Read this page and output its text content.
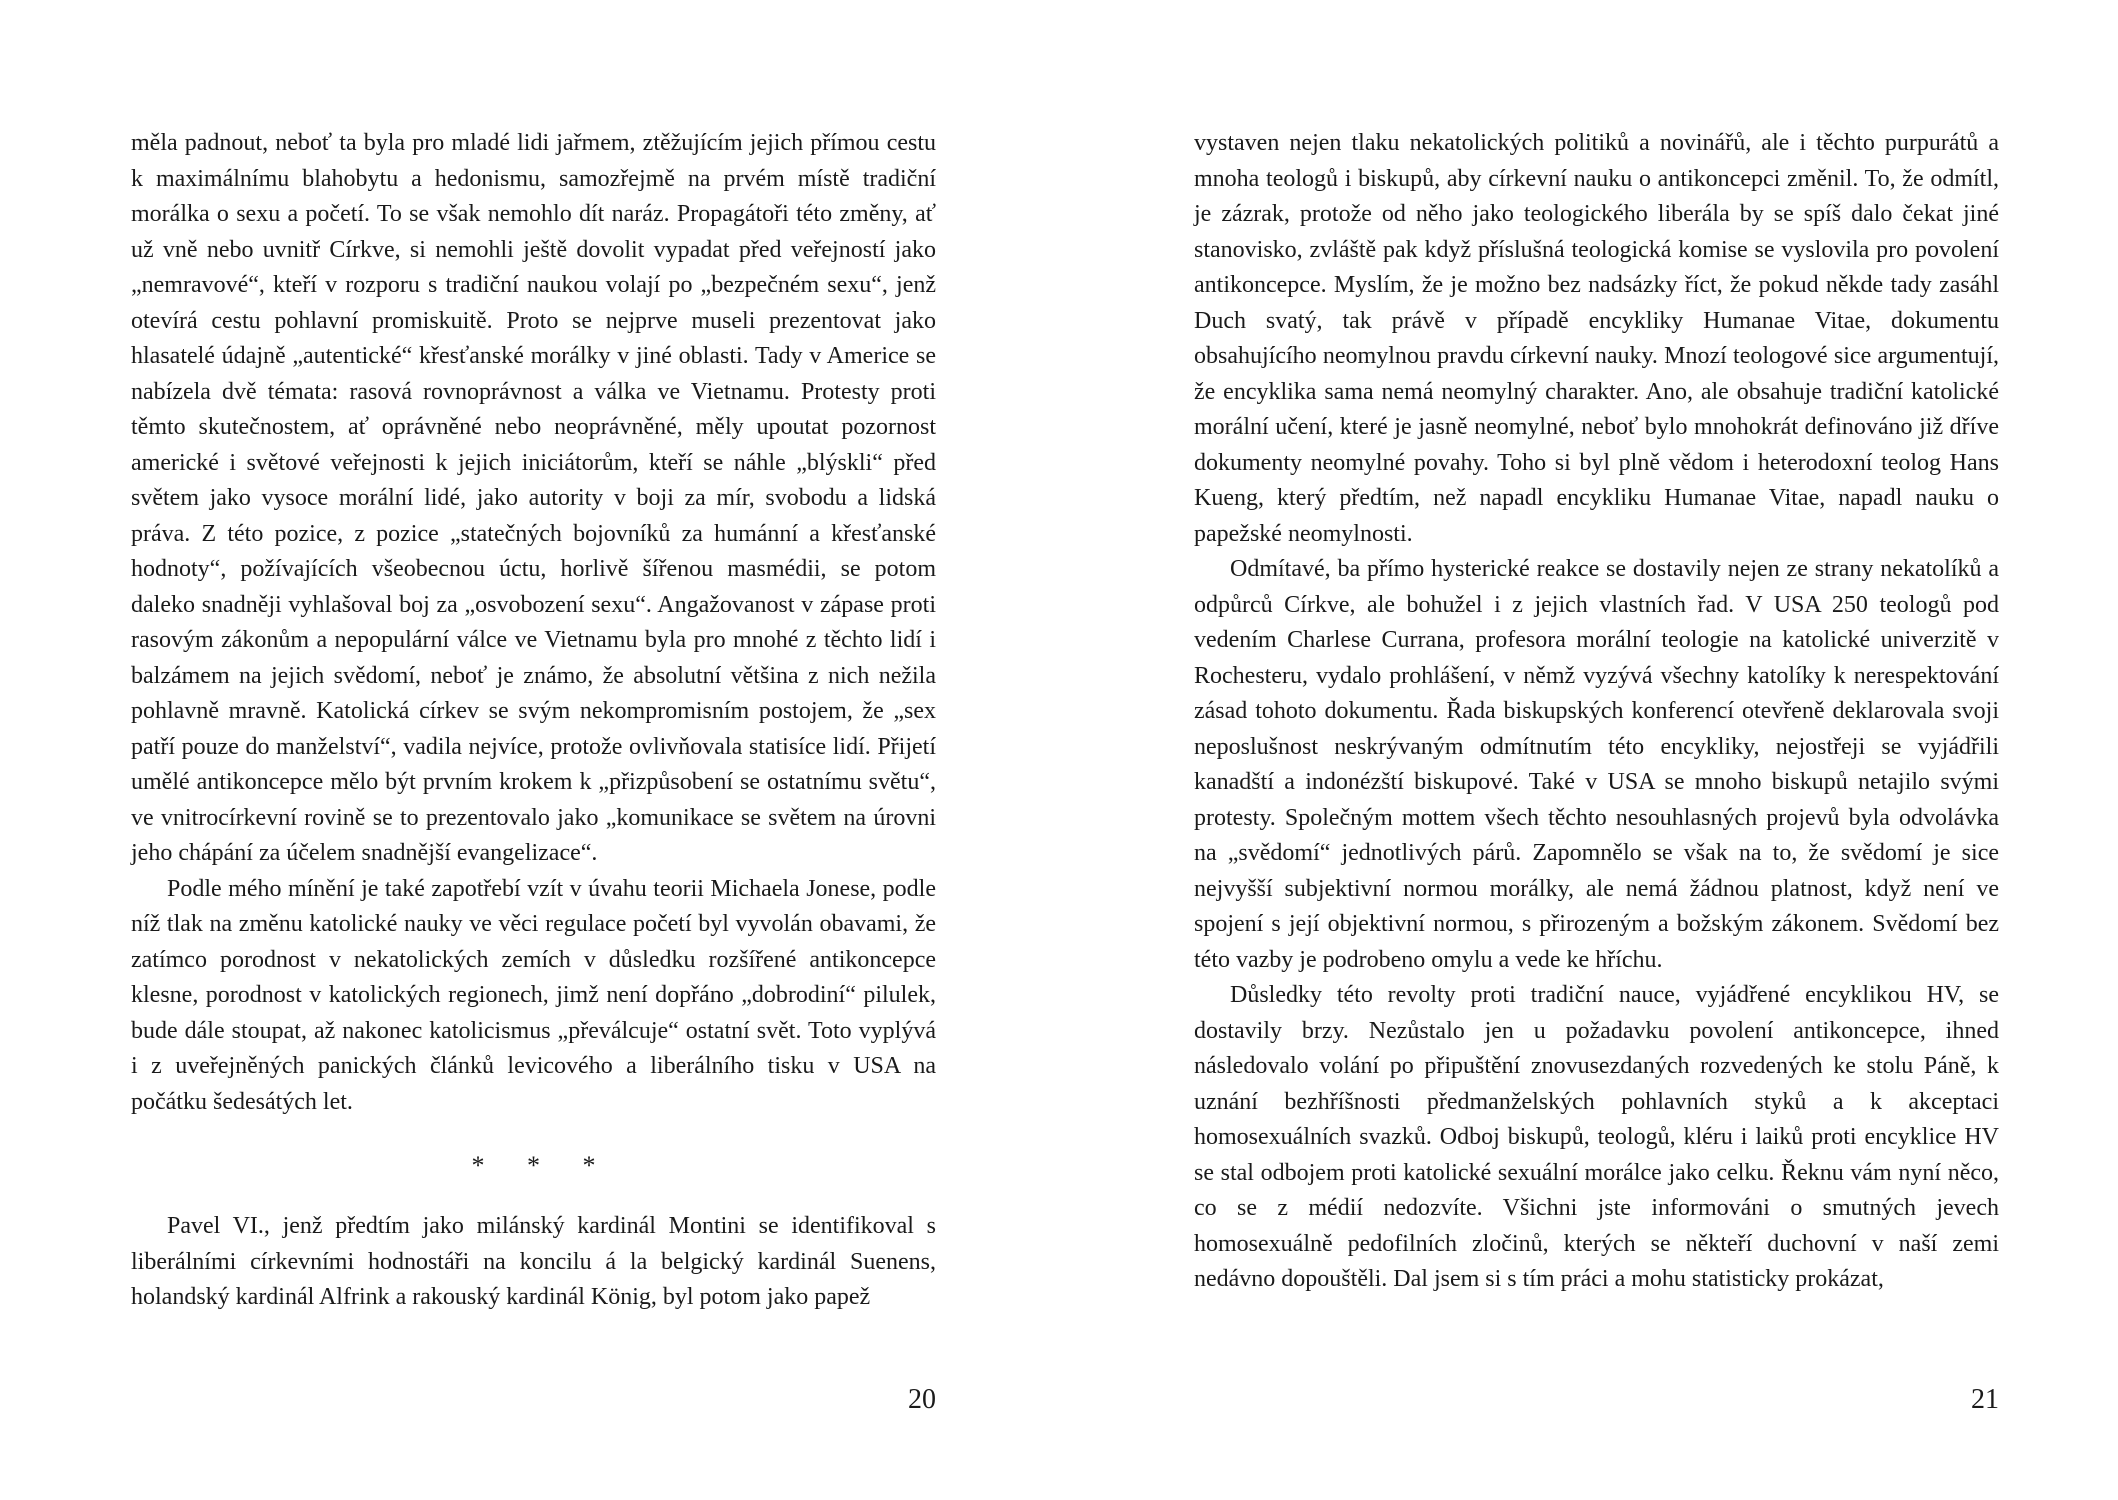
měla padnout, neboť ta byla pro mladé lidi jařmem, ztěžujícím jejich přímou cestu k maximálnímu blahobytu a hedonismu, samozřejmě na prvém místě tradiční morálka o sexu a početí. To se však nemohlo dít naráz. Propagátoři této změny, ať už vně nebo uvnitř Církve, si nemohli ještě dovolit vypadat před veřejností jako „nemravové“, kteří v rozporu s tradiční naukou volají po „bezpečném sexu“, jenž otevírá cestu pohlavní promiskuitě. Proto se nejprve museli prezentovat jako hlasatelé údajně „autentické“ křesťanské morálky v jiné oblasti. Tady v Americe se nabízela dvě témata: rasová rovnoprávnost a válka ve Vietnamu. Protesty proti těmto skutečnostem, ať oprávněné nebo neoprávněné, měly upoutat pozornost americké i světové veřejnosti k jejich iniciátorům, kteří se náhle „blýskli“ před světem jako vysoce morální lidé, jako autority v boji za mír, svobodu a lidská práva. Z této pozice, z pozice „statečných bojovníků za humánní a křesťanské hodnoty“, požívajících všeobecnou úctu, horlivě šířenou masmédii, se potom daleko snadněji vyhlašoval boj za „osvobození sexu“. Angažovanost v zápase proti rasovým zákonům a nepopulární válce ve Vietnamu byla pro mnohé z těchto lidí i balzámem na jejich svědomí, neboť je známo, že absolutní většina z nich nežila pohlavně mravně. Katolická církev se svým nekompromisním postojem, že „sex patří pouze do manželství“, vadila nejvíce, protože ovlivňovala statisíce lidí. Přijetí umělé antikoncepce mělo být prvním krokem k „přizpůsobení se ostatnímu světu“, ve vnitrocírkevní rovině se to prezentovalo jako „komunikace se světem na úrovni jeho chápání za účelem snadnější evangelizace“.

Podle mého mínění je také zapotřebí vzít v úvahu teorii Michaela Jonese, podle níž tlak na změnu katolické nauky ve věci regulace početí byl vyvolán obavami, že zatímco porodnost v nekatolických zemích v důsledku rozšířené antikoncepce klesne, porodnost v katolických regionech, jimž není dopřáno „dobrodiní“ pilulek, bude dále stoupat, až nakonec katolicismus „převálcuje“ ostatní svět. Toto vyplývá i z uveřejněných panických článků levicového a liberálního tisku v USA na počátku šedesátých let.

* * *

Pavel VI., jenž předtím jako milánský kardinál Montini se identifikoval s liberálními církevními hodnostáři na koncilu á la belgický kardinál Suenens, holandský kardinál Alfrink a rakouský kardinál König, byl potom jako papež

20

vystaven nejen tlaku nekatolických politiků a novinářů, ale i těchto purpurátů a mnoha teologů i biskupů, aby církevní nauku o antikoncepci změnil. To, že odmítl, je zázrak, protože od něho jako teologického liberála by se spíš dalo čekat jiné stanovisko, zvláště pak když příslušná teologická komise se vyslovila pro povolení antikoncepce. Myslím, že je možno bez nadsázky říct, že pokud někde tady zasáhl Duch svatý, tak právě v případě encykliky Humanae Vitae, dokumentu obsahujícího neomylnou pravdu církevní nauky. Mnozí teologové sice argumentují, že encyklika sama nemá neomylný charakter. Ano, ale obsahuje tradiční katolické morální učení, které je jasně neomylné, neboť bylo mnohokrát definováno již dříve dokumenty neomylné povahy. Toho si byl plně vědom i heterodoxní teolog Hans Kueng, který předtím, než napadl encykliku Humanae Vitae, napadl nauku o papežské neomylnosti.

Odmítavé, ba přímo hysterické reakce se dostavily nejen ze strany nekatolíků a odpůrců Církve, ale bohužel i z jejich vlastních řad. V USA 250 teologů pod vedením Charlese Currana, profesora morální teologie na katolické univerzitě v Rochesteru, vydalo prohlášení, v němž vyzývá všechny katolíky k nerespektování zásad tohoto dokumentu. Řada biskupských konferencí otevřeně deklarovala svoji neposlušnost neskrývaným odmítnutím této encykliky, nejostřeji se vyjádřili kanadští a indonézští biskupové. Také v USA se mnoho biskupů netajilo svými protesty. Společným mottem všech těchto nesouhlasných projevů byla odvolávka na „svědomí“ jednotlivých párů. Zapomnělo se však na to, že svědomí je sice nejvyšší subjektivní normou morálky, ale nemá žádnou platnost, když není ve spojení s její objektivní normou, s přirozeným a božským zákonem. Svědomí bez této vazby je podrobeno omylu a vede ke hříchu.

Důsledky této revolty proti tradiční nauce, vyjádřené encyklikou HV, se dostavily brzy. Nezůstalo jen u požadavku povolení antikoncepce, ihned následovalo volání po připuštění znovusezdaných rozvedených ke stolu Páně, k uznání bezhříšnosti předmanželských pohlavních styků a k akceptaci homosexuálních svazků. Odboj biskupů, teologů, kléru i laiků proti encyklice HV se stal odbojem proti katolické sexuální morálce jako celku. Řeknu vám nyní něco, co se z médií nedozvíte. Všichni jste informováni o smutných jevech homosexuálně pedofilních zločinů, kterých se někteří duchovní v naší zemi nedávno dopouštěli. Dal jsem si s tím práci a mohu statisticky prokázat,

21
